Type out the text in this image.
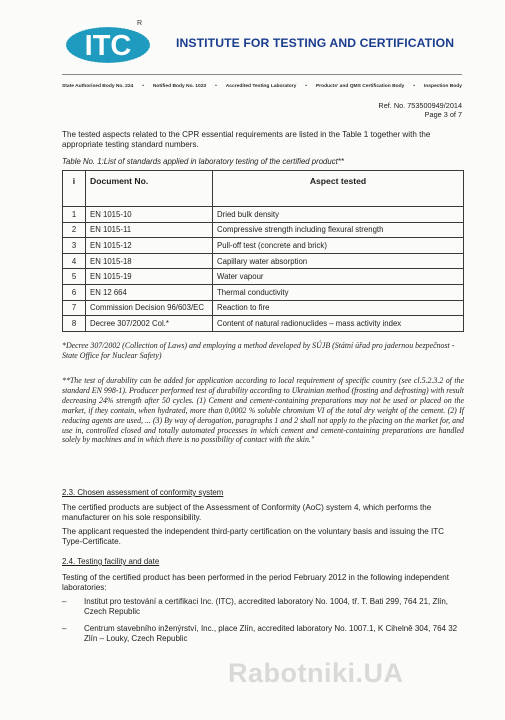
ITC
R
INSTITUTE FOR TESTING AND CERTIFICATION
State Authorised Body No. 224 • Notified Body No. 1023 • Accredited Testing Laboratory • Products' and QMS Certification Body • Inspection Body
Ref. No. 753500949/2014
Page 3 of 7
The tested aspects related to the CPR essential requirements are listed in the Table 1 together with the appropriate testing standard numbers.
Table No. 1:List of standards applied in laboratory testing of the certified product**
i	Document No.	Aspect tested
1	EN 1015-10	Dried bulk density
2	EN 1015-11	Compressive strength including flexural strength
3	EN 1015-12	Pull-off test (concrete and brick)
4	EN 1015-18	Capillary water absorption
5	EN 1015-19	Water vapour
6	EN 12 664	Thermal conductivity
7	Commission Decision 96/603/EC	Reaction to fire
8	Decree 307/2002 Col.*	Content of natural radionuclides – mass activity index
*Decree 307/2002 (Collection of Laws) and employing a method developed by SÚJB (Státní úřad pro jadernou bezpečnost - State Office for Nuclear Safety)
**The test of durability can be added for application according to local requirement of specific country (see cl.5.2.3.2 of the standard EN 998-1). Producer performed test of durability according to Ukrainian method (frosting and defrosting) with result decreasing 24% strength after 50 cycles. (1) Cement and cement-containing preparations may not be used or placed on the market, if they contain, when hydrated, more than 0,0002 % soluble chromium VI of the total dry weight of the cement. (2) If reducing agents are used, ... (3) By way of derogation, paragraphs 1 and 2 shall not apply to the placing on the market for, and use in, controlled closed and totally automated processes in which cement and cement-containing preparations are handled solely by machines and in which there is no possibility of contact with the skin."
2.3. Chosen assessment of conformity system
The certified products are subject of the Assessment of Conformity (AoC) system 4, which performs the manufacturer on his sole responsibility.
The applicant requested the independent third-party certification on the voluntary basis and issuing the ITC Type-Certificate.
2.4. Testing facility and date
Testing of the certified product has been performed in the period February 2012 in the following independent laboratories:
– Institut pro testování a certifikaci Inc. (ITC), accredited laboratory No. 1004, tř. T. Bati 299, 764 21, Zlín, Czech Republic
– Centrum stavebního inženýrství, Inc., place Zlín, accredited laboratory No. 1007.1, K Cihelně 304, 764 32 Zlín – Louky, Czech Republic
Rabotniki.UA
